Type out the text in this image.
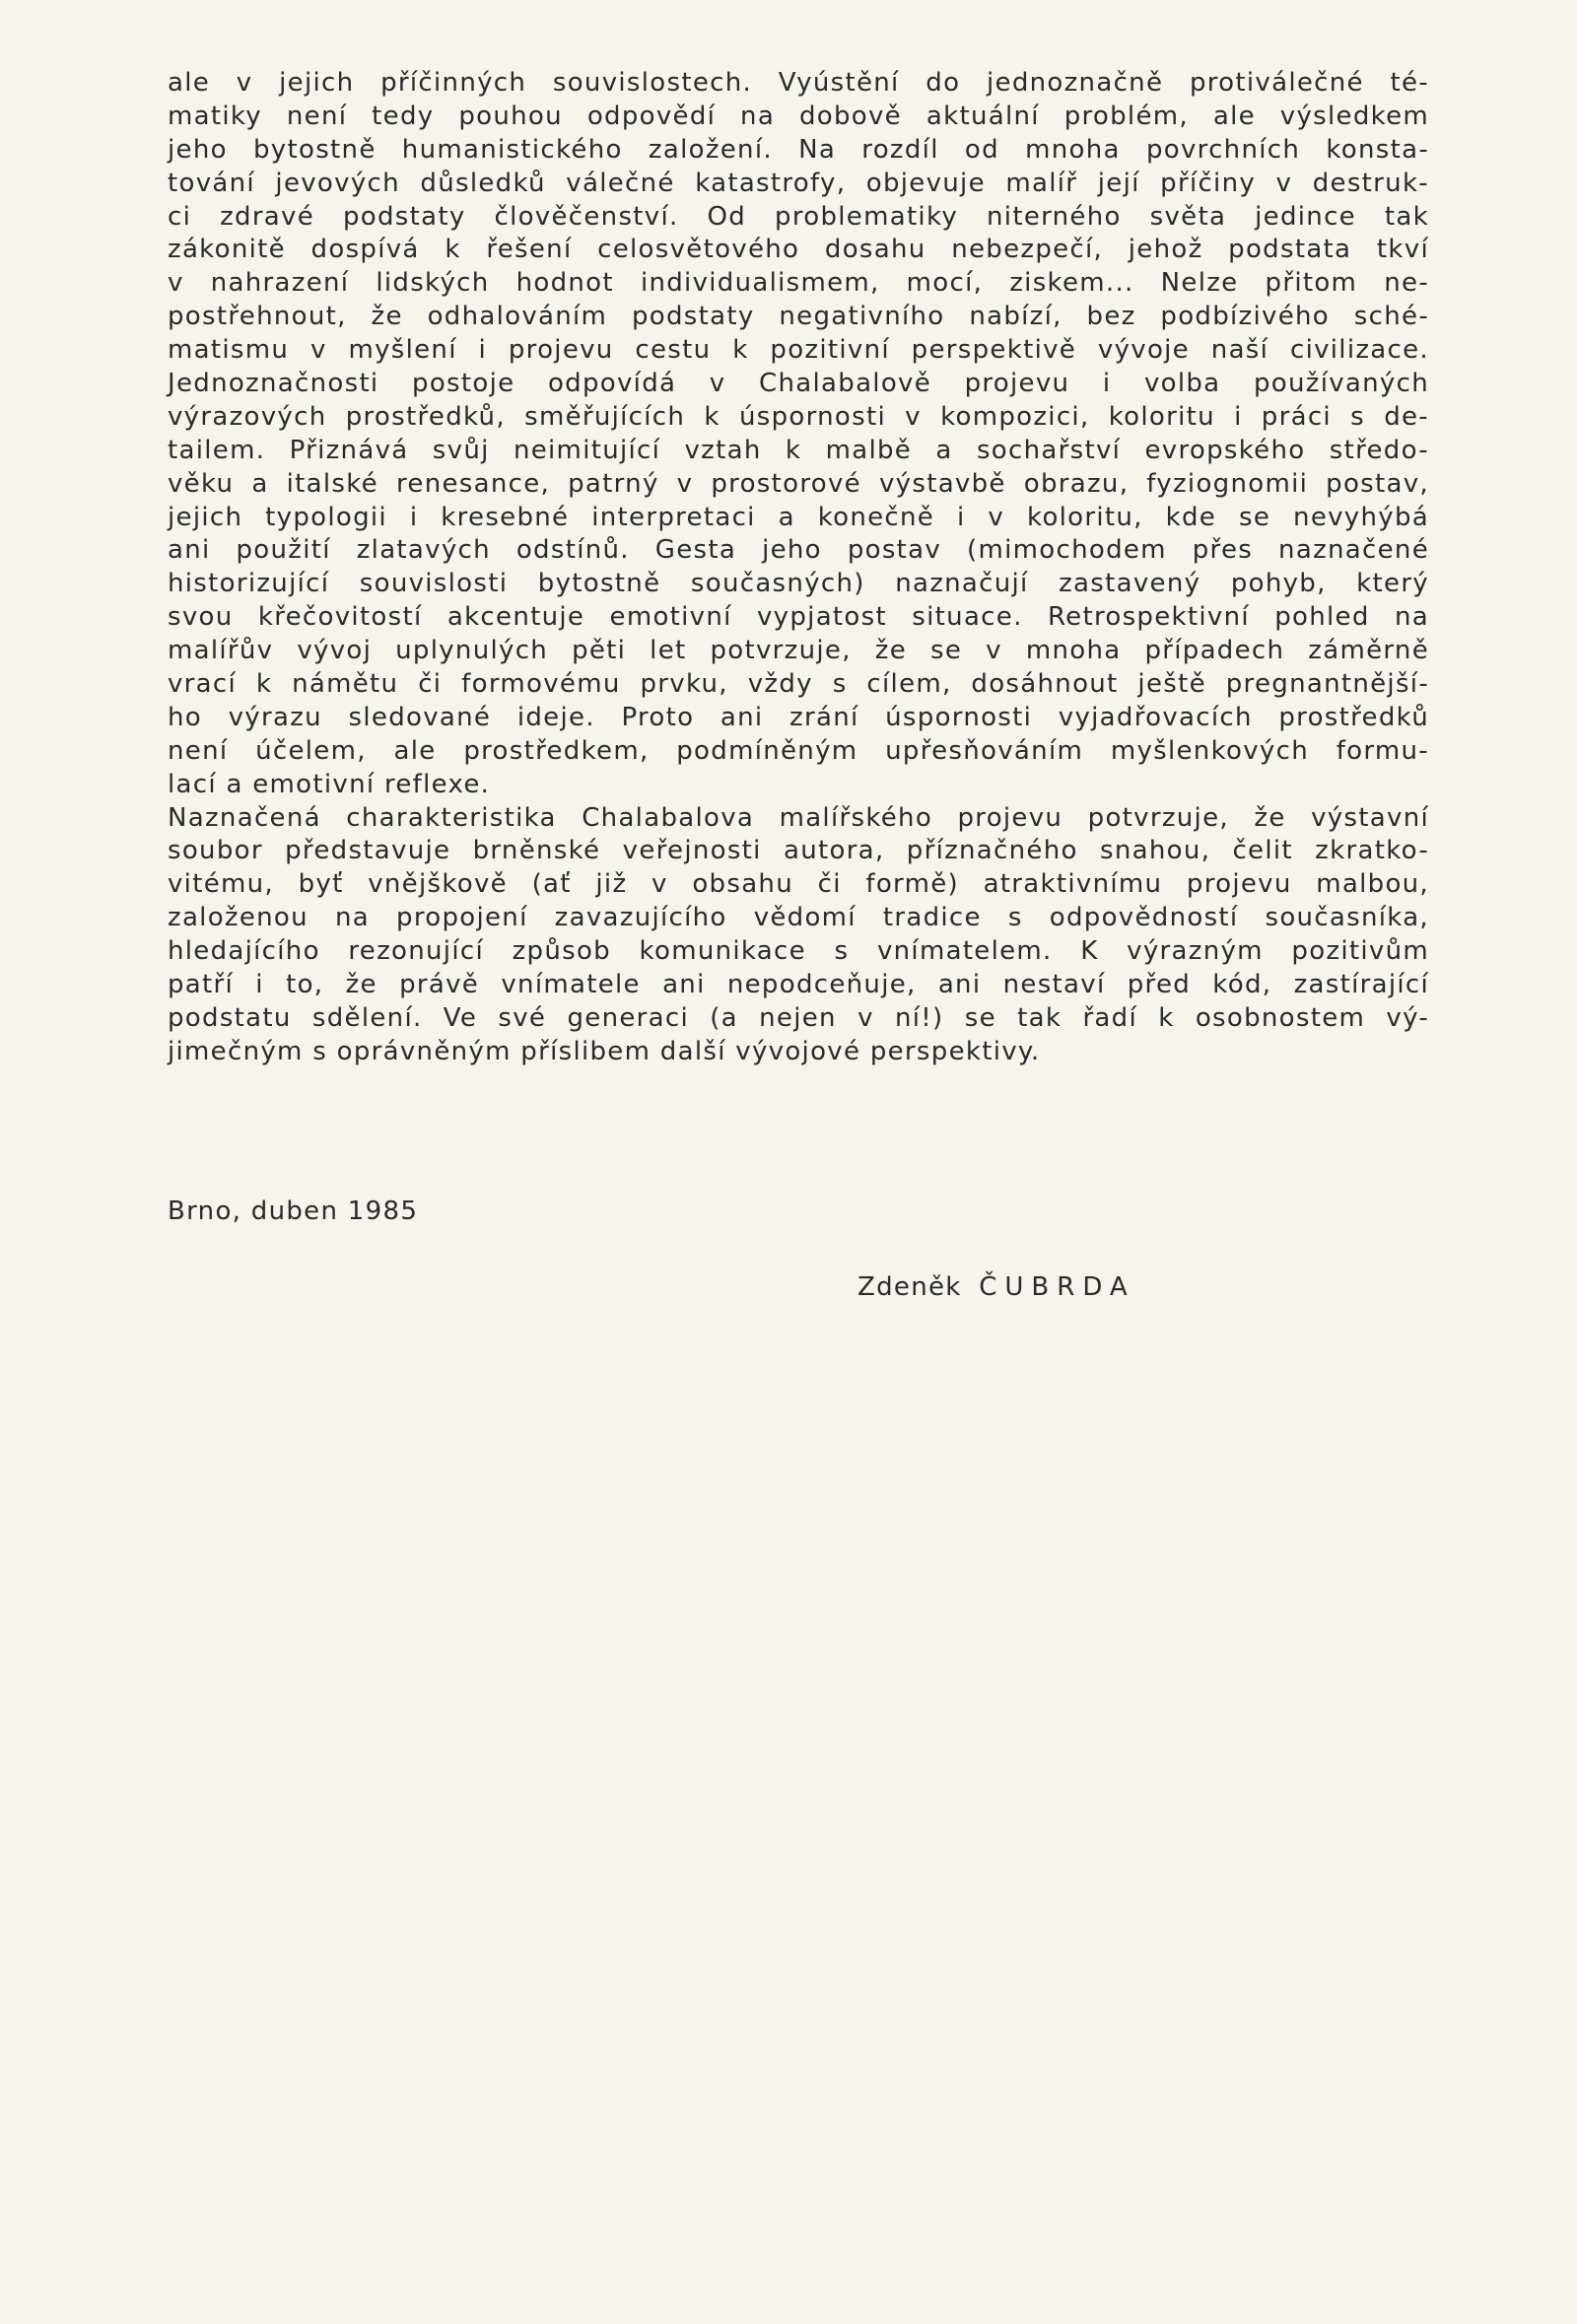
ale v jejich příčinných souvislostech. Vyústění do jednoznačně protiválečné té-
matiky není tedy pouhou odpovědí na dobově aktuální problém, ale výsledkem
jeho bytostně humanistického založení. Na rozdíl od mnoha povrchních konsta-
tování jevových důsledků válečné katastrofy, objevuje malíř její příčiny v destruk-
ci zdravé podstaty člověčenství. Od problematiky niterného světa jedince tak
zákonitě dospívá k řešení celosvětového dosahu nebezpečí, jehož podstata tkví
v nahrazení lidských hodnot individualismem, mocí, ziskem... Nelze přitom ne-
postřehnout, že odhalováním podstaty negativního nabízí, bez podbízivého sché-
matismu v myšlení i projevu cestu k pozitivní perspektivě vývoje naší civilizace.
Jednoznačnosti postoje odpovídá v Chalabalově projevu i volba používaných
výrazových prostředků, směřujících k úspornosti v kompozici, koloritu i práci s de-
tailem. Přiznává svůj neimitující vztah k malbě a sochařství evropského středo-
věku a italské renesance, patrný v prostorové výstavbě obrazu, fyziognomii postav,
jejich typologii i kresebné interpretaci a konečně i v koloritu, kde se nevyhýbá
ani použití zlatavých odstínů. Gesta jeho postav (mimochodem přes naznačené
historizující souvislosti bytostně současných) naznačují zastavený pohyb, který
svou křečovitostí akcentuje emotivní vypjatost situace. Retrospektivní pohled na
malířův vývoj uplynulých pěti let potvrzuje, že se v mnoha případech záměrně
vrací k námětu či formovému prvku, vždy s cílem, dosáhnout ještě pregnantnější-
ho výrazu sledované ideje. Proto ani zrání úspornosti vyjadřovacích prostředků
není účelem, ale prostředkem, podmíněným upřesňováním myšlenkových formu-
lací a emotivní reflexe.
Naznačená charakteristika Chalabalova malířského projevu potvrzuje, že výstavní
soubor představuje brněnské veřejnosti autora, příznačného snahou, čelit zkratko-
vitému, byť vnějškově (ať již v obsahu či formě) atraktivnímu projevu malbou,
založenou na propojení zavazujícího vědomí tradice s odpovědností současníka,
hledajícího rezonující způsob komunikace s vnímatelem. K výrazným pozitivům
patří i to, že právě vnímatele ani nepodceňuje, ani nestaví před kód, zastírající
podstatu sdělení. Ve své generaci (a nejen v ní!) se tak řadí k osobnostem vý-
jimečným s oprávněným příslibem další vývojové perspektivy.
Brno, duben 1985
Zdeněk ČUBRDA
